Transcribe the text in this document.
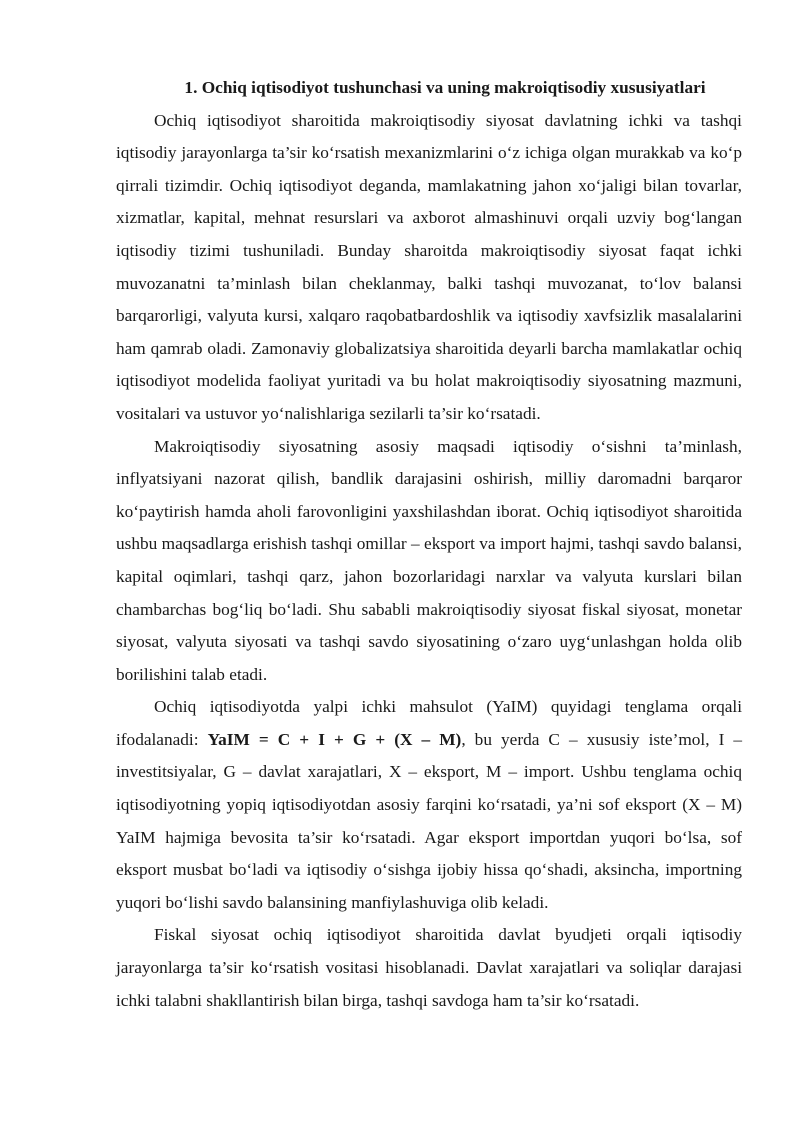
1. Ochiq iqtisodiyot tushunchasi va uning makroiqtisodiy xususiyatlari

Ochiq iqtisodiyot sharoitida makroiqtisodiy siyosat davlatning ichki va tashqi iqtisodiy jarayonlarga ta’sir ko‘rsatish mexanizmlarini o‘z ichiga olgan murakkab va ko‘p qirrali tizimdir. Ochiq iqtisodiyot deganda, mamlakatning jahon xo‘jaligi bilan tovarlar, xizmatlar, kapital, mehnat resurslari va axborot almashinuvi orqali uzviy bog‘langan iqtisodiy tizimi tushuniladi. Bunday sharoitda makroiqtisodiy siyosat faqat ichki muvozanatni ta’minlash bilan cheklanmay, balki tashqi muvozanat, to‘lov balansi barqarorligi, valyuta kursi, xalqaro raqobatbardoshlik va iqtisodiy xavfsizlik masalalarini ham qamrab oladi. Zamonaviy globalizatsiya sharoitida deyarli barcha mamlakatlar ochiq iqtisodiyot modelida faoliyat yuritadi va bu holat makroiqtisodiy siyosatning mazmuni, vositalari va ustuvor yo‘nalishlariga sezilarli ta’sir ko‘rsatadi.

Makroiqtisodiy siyosatning asosiy maqsadi iqtisodiy o‘sishni ta’minlash, inflyatsiyani nazorat qilish, bandlik darajasini oshirish, milliy daromadni barqaror ko‘paytirish hamda aholi farovonligini yaxshilashdan iborat. Ochiq iqtisodiyot sharoitida ushbu maqsadlarga erishish tashqi omillar – eksport va import hajmi, tashqi savdo balansi, kapital oqimlari, tashqi qarz, jahon bozorlaridagi narxlar va valyuta kurslari bilan chambarchas bog‘liq bo‘ladi. Shu sababli makroiqtisodiy siyosat fiskal siyosat, monetar siyosat, valyuta siyosati va tashqi savdo siyosatining o‘zaro uyg‘unlashgan holda olib borilishini talab etadi.

Ochiq iqtisodiyotda yalpi ichki mahsulot (YaIM) quyidagi tenglama orqali ifodalanadi: YaIM = C + I + G + (X – M), bu yerda C – xususiy iste’mol, I – investitsiyalar, G – davlat xarajatlari, X – eksport, M – import. Ushbu tenglama ochiq iqtisodiyotning yopiq iqtisodiyotdan asosiy farqini ko‘rsatadi, ya’ni sof eksport (X – M) YaIM hajmiga bevosita ta’sir ko‘rsatadi. Agar eksport importdan yuqori bo‘lsa, sof eksport musbat bo‘ladi va iqtisodiy o‘sishga ijobiy hissa qo‘shadi, aksincha, importning yuqori bo‘lishi savdo balansining manfiylashuviga olib keladi.

Fiskal siyosat ochiq iqtisodiyot sharoitida davlat byudjeti orqali iqtisodiy jarayonlarga ta’sir ko‘rsatish vositasi hisoblanadi. Davlat xarajatlari va soliqlar darajasi ichki talabni shakllantirish bilan birga, tashqi savdoga ham ta’sir ko‘rsatadi.
